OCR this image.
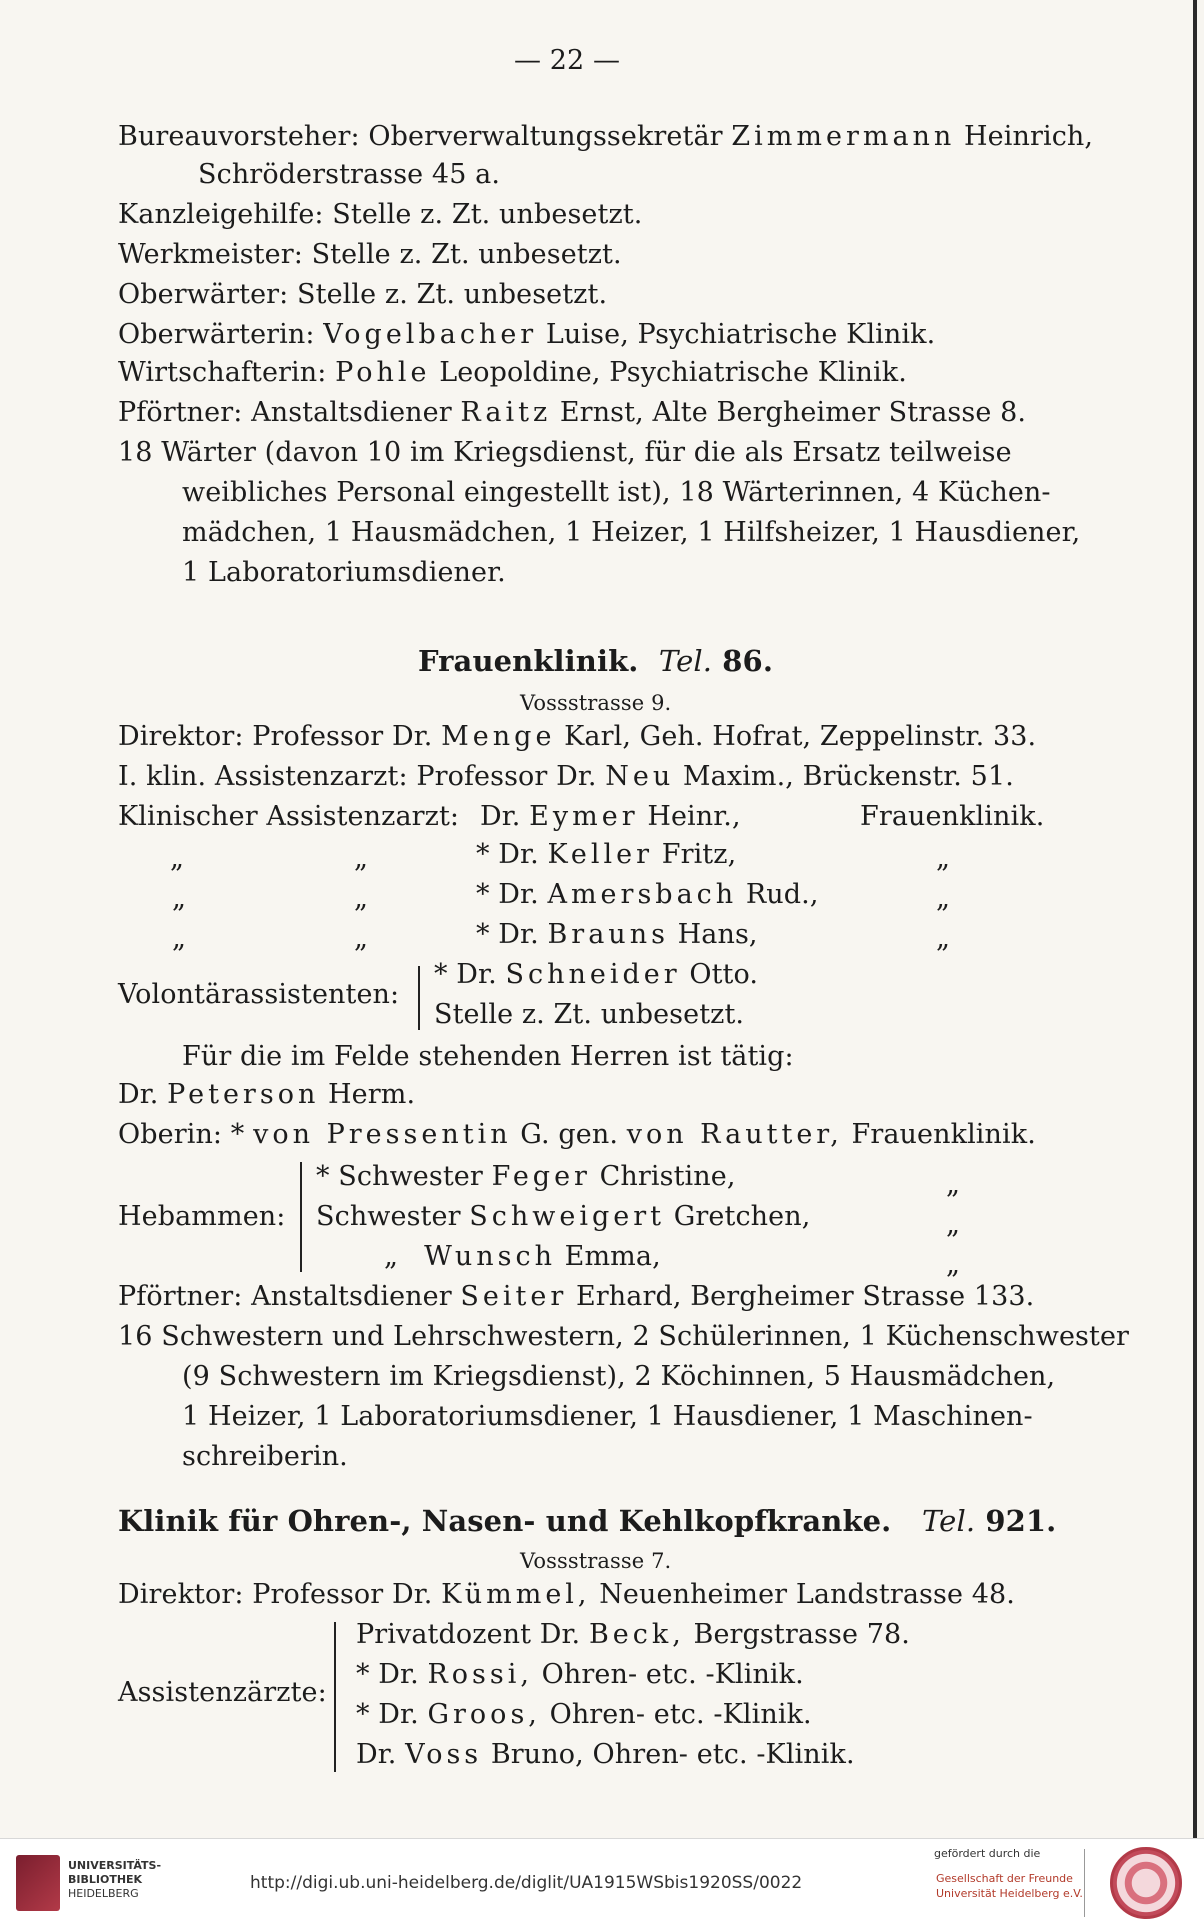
— 22 —
Bureauvorsteher: Oberverwaltungssekretär Zimmermann Heinrich,
Schröderstrasse 45 a.
Kanzleigehilfe: Stelle z. Zt. unbesetzt.
Werkmeister: Stelle z. Zt. unbesetzt.
Oberwärter: Stelle z. Zt. unbesetzt.
Oberwärterin: Vogelbacher Luise, Psychiatrische Klinik.
Wirtschafterin: Pohle Leopoldine, Psychiatrische Klinik.
Pförtner: Anstaltsdiener Raitz Ernst, Alte Bergheimer Strasse 8.
18 Wärter (davon 10 im Kriegsdienst, für die als Ersatz teilweise
weibliches Personal eingestellt ist), 18 Wärterinnen, 4 Küchen-
mädchen, 1 Hausmädchen, 1 Heizer, 1 Hilfsheizer, 1 Hausdiener,
1 Laboratoriumsdiener.
Frauenklinik. Tel. 86.
Vossstrasse 9.
Direktor: Professor Dr. Menge Karl, Geh. Hofrat, Zeppelinstr. 33.
I. klin. Assistenzarzt: Professor Dr. Neu Maxim., Brückenstr. 51.
Klinischer Assistenzarzt: Dr. Eymer Heinr.,	Frauenklinik.
„	„	* Dr. Keller Fritz,	„
„	„	* Dr. Amersbach Rud.,	„
„	„	* Dr. Brauns Hans,	„
Volontärassistenten:
* Dr. Schneider Otto.
Stelle z. Zt. unbesetzt.
Für die im Felde stehenden Herren ist tätig:
Dr. Peterson Herm.
Oberin: * von Pressentin G. gen. von Rautter, Frauenklinik.
Hebammen:
* Schwester Feger Christine,	„
Schwester Schweigert Gretchen,	„
„ Wunsch Emma,	„
Pförtner: Anstaltsdiener Seiter Erhard, Bergheimer Strasse 133.
16 Schwestern und Lehrschwestern, 2 Schülerinnen, 1 Küchenschwester
(9 Schwestern im Kriegsdienst), 2 Köchinnen, 5 Hausmädchen,
1 Heizer, 1 Laboratoriumsdiener, 1 Hausdiener, 1 Maschinen-
schreiberin.
Klinik für Ohren-, Nasen- und Kehlkopfkranke. Tel. 921.
Vossstrasse 7.
Direktor: Professor Dr. Kümmel, Neuenheimer Landstrasse 48.
Assistenzärzte:
Privatdozent Dr. Beck, Bergstrasse 78.
* Dr. Rossi, Ohren- etc. -Klinik.
* Dr. Groos, Ohren- etc. -Klinik.
Dr. Voss Bruno, Ohren- etc. -Klinik.
UNIVERSITÄTS-
BIBLIOTHEK
HEIDELBERG
http://digi.ub.uni-heidelberg.de/diglit/UA1915WSbis1920SS/0022
gefördert durch die
Gesellschaft der Freunde
Universität Heidelberg e.V.
